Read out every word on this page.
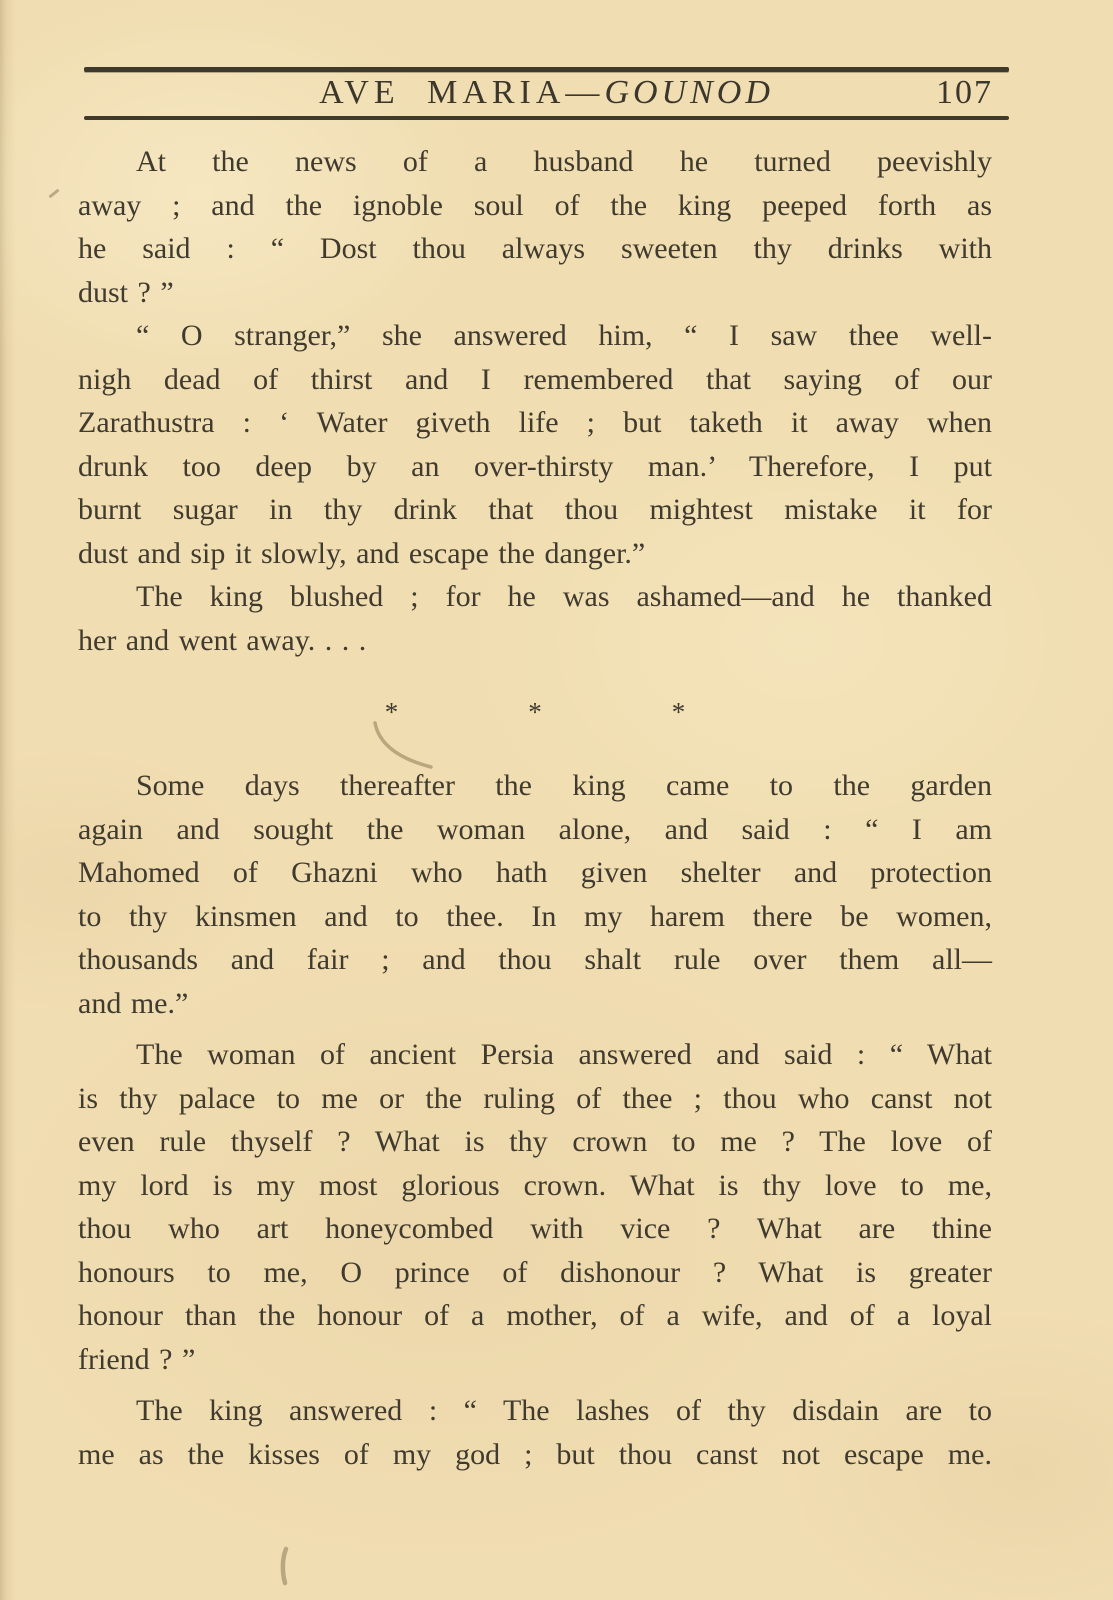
AVE MARIA—GOUNOD	107
At the news of a husband he turned peevishly
away ; and the ignoble soul of the king peeped forth as
he said : “ Dost thou always sweeten thy drinks with
dust ? ”
“ O stranger,” she answered him, “ I saw thee well-
nigh dead of thirst and I remembered that saying of our
Zarathustra : ‘ Water giveth life ; but taketh it away when
drunk too deep by an over-thirsty man.’ Therefore, I put
burnt sugar in thy drink that thou mightest mistake it for
dust and sip it slowly, and escape the danger.”
The king blushed ; for he was ashamed—and he thanked
her and went away. . . .
*	*	*
Some days thereafter the king came to the garden
again and sought the woman alone, and said : “ I am
Mahomed of Ghazni who hath given shelter and protection
to thy kinsmen and to thee. In my harem there be women,
thousands and fair ; and thou shalt rule over them all—
and me.”
The woman of ancient Persia answered and said : “ What
is thy palace to me or the ruling of thee ; thou who canst not
even rule thyself ? What is thy crown to me ? The love of
my lord is my most glorious crown. What is thy love to me,
thou who art honeycombed with vice ? What are thine
honours to me, O prince of dishonour ? What is greater
honour than the honour of a mother, of a wife, and of a loyal
friend ? ”
The king answered : “ The lashes of thy disdain are to
me as the kisses of my god ; but thou canst not escape me.
